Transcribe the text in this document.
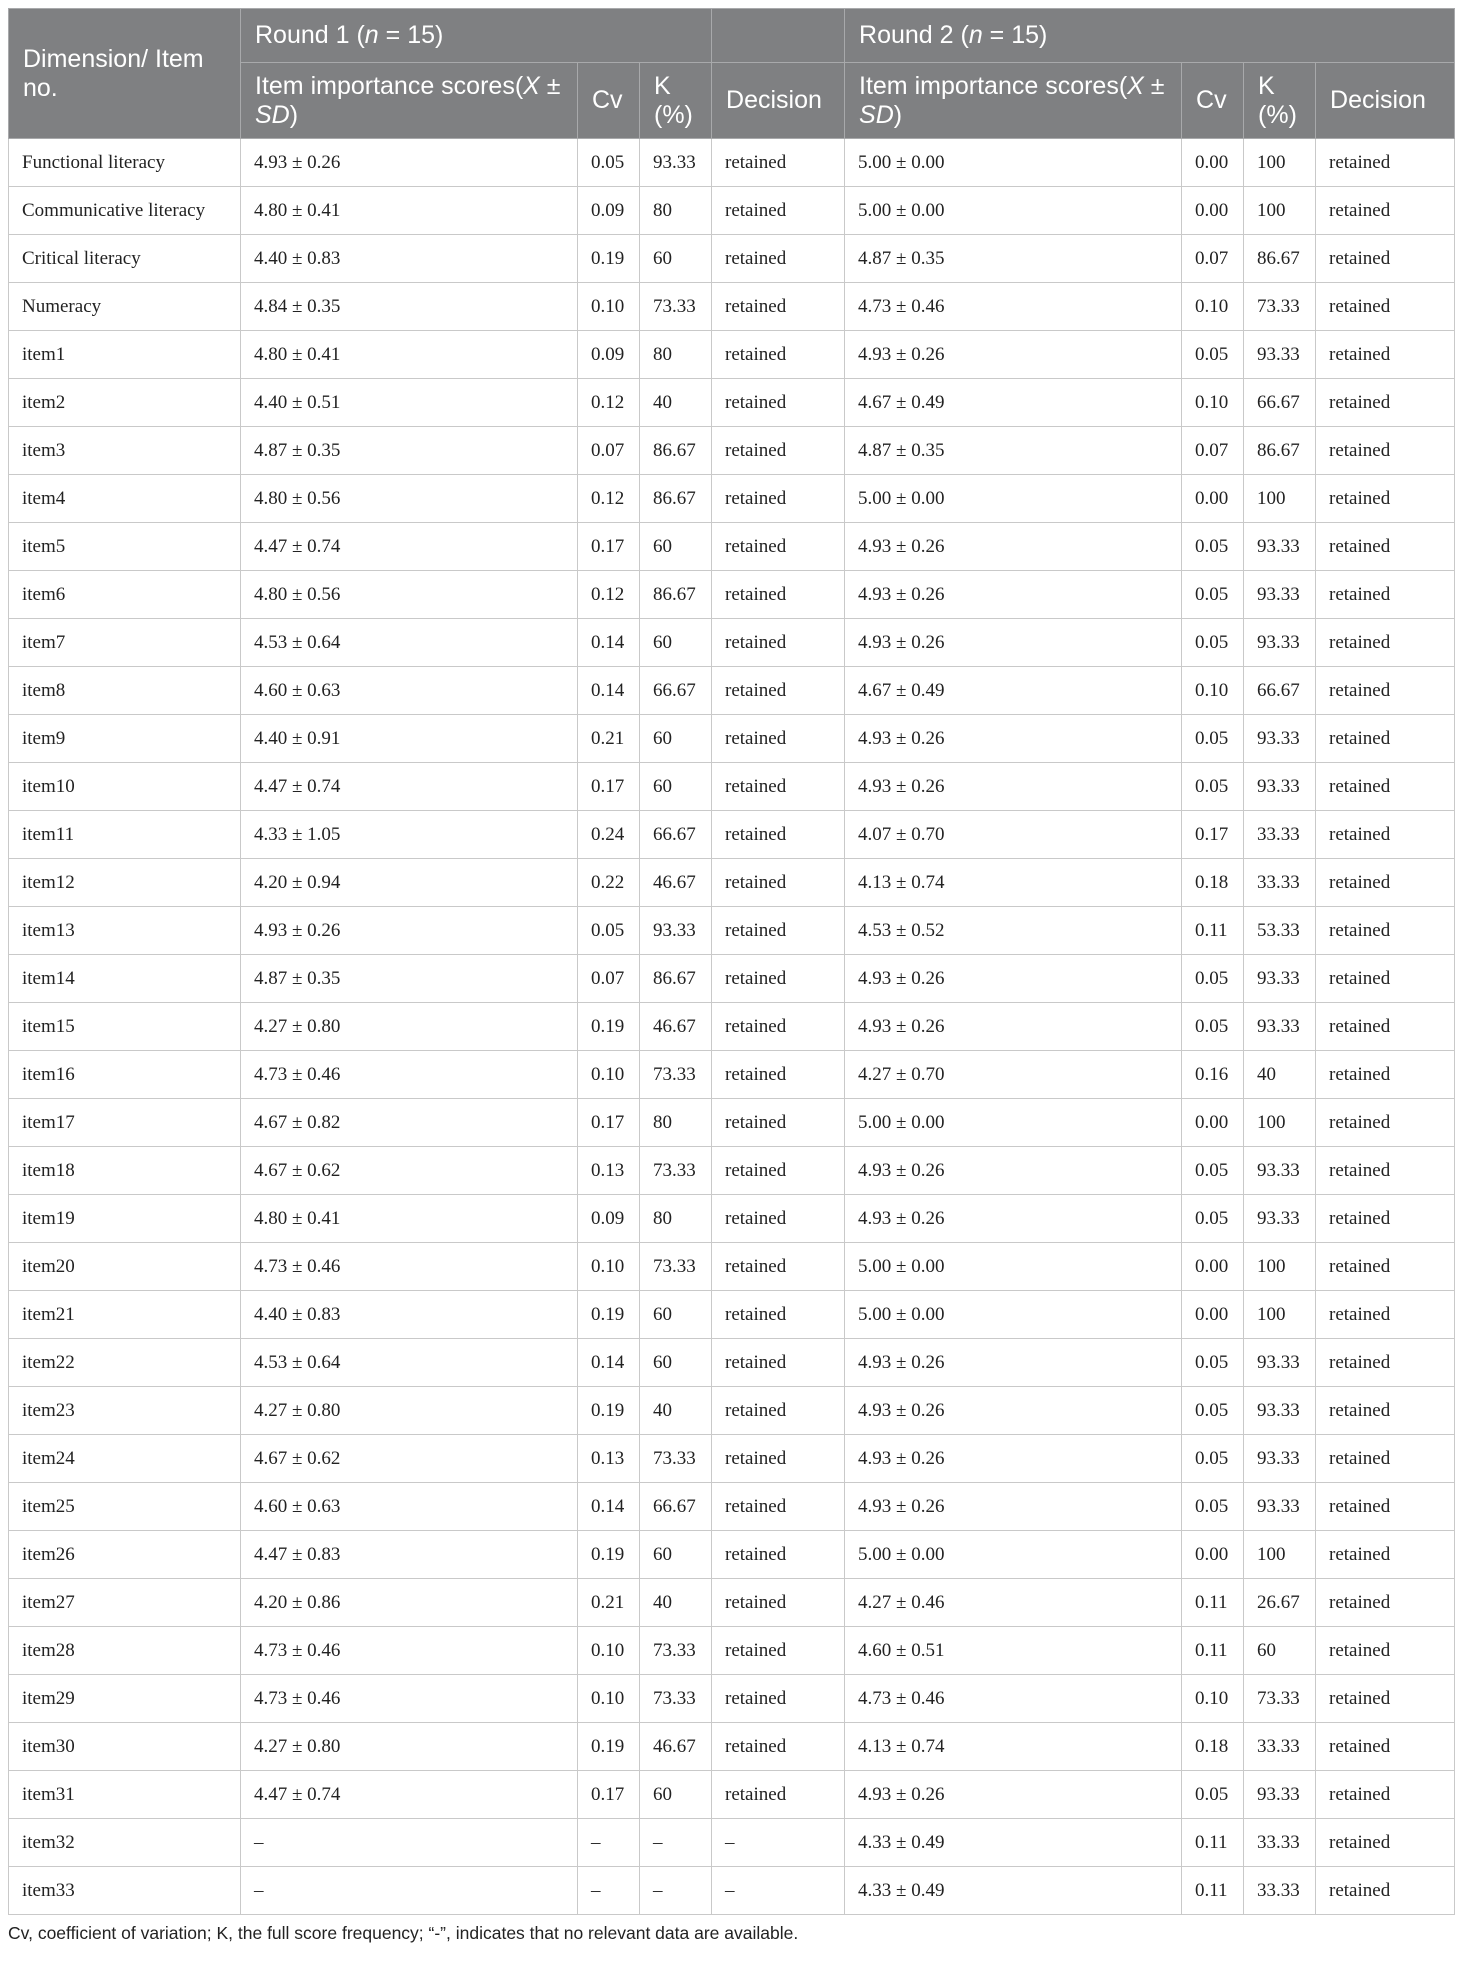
Dimension/ Item no.	Round 1 (n = 15)				Round 2 (n = 15)			
	Item importance scores(X ± SD)	Cv	K (%)	Decision	Item importance scores(X ± SD)	Cv	K (%)	Decision
Functional literacy	4.93 ± 0.26	0.05	93.33	retained	5.00 ± 0.00	0.00	100	retained
Communicative literacy	4.80 ± 0.41	0.09	80	retained	5.00 ± 0.00	0.00	100	retained
Critical literacy	4.40 ± 0.83	0.19	60	retained	4.87 ± 0.35	0.07	86.67	retained
Numeracy	4.84 ± 0.35	0.10	73.33	retained	4.73 ± 0.46	0.10	73.33	retained
item1	4.80 ± 0.41	0.09	80	retained	4.93 ± 0.26	0.05	93.33	retained
item2	4.40 ± 0.51	0.12	40	retained	4.67 ± 0.49	0.10	66.67	retained
item3	4.87 ± 0.35	0.07	86.67	retained	4.87 ± 0.35	0.07	86.67	retained
item4	4.80 ± 0.56	0.12	86.67	retained	5.00 ± 0.00	0.00	100	retained
item5	4.47 ± 0.74	0.17	60	retained	4.93 ± 0.26	0.05	93.33	retained
item6	4.80 ± 0.56	0.12	86.67	retained	4.93 ± 0.26	0.05	93.33	retained
item7	4.53 ± 0.64	0.14	60	retained	4.93 ± 0.26	0.05	93.33	retained
item8	4.60 ± 0.63	0.14	66.67	retained	4.67 ± 0.49	0.10	66.67	retained
item9	4.40 ± 0.91	0.21	60	retained	4.93 ± 0.26	0.05	93.33	retained
item10	4.47 ± 0.74	0.17	60	retained	4.93 ± 0.26	0.05	93.33	retained
item11	4.33 ± 1.05	0.24	66.67	retained	4.07 ± 0.70	0.17	33.33	retained
item12	4.20 ± 0.94	0.22	46.67	retained	4.13 ± 0.74	0.18	33.33	retained
item13	4.93 ± 0.26	0.05	93.33	retained	4.53 ± 0.52	0.11	53.33	retained
item14	4.87 ± 0.35	0.07	86.67	retained	4.93 ± 0.26	0.05	93.33	retained
item15	4.27 ± 0.80	0.19	46.67	retained	4.93 ± 0.26	0.05	93.33	retained
item16	4.73 ± 0.46	0.10	73.33	retained	4.27 ± 0.70	0.16	40	retained
item17	4.67 ± 0.82	0.17	80	retained	5.00 ± 0.00	0.00	100	retained
item18	4.67 ± 0.62	0.13	73.33	retained	4.93 ± 0.26	0.05	93.33	retained
item19	4.80 ± 0.41	0.09	80	retained	4.93 ± 0.26	0.05	93.33	retained
item20	4.73 ± 0.46	0.10	73.33	retained	5.00 ± 0.00	0.00	100	retained
item21	4.40 ± 0.83	0.19	60	retained	5.00 ± 0.00	0.00	100	retained
item22	4.53 ± 0.64	0.14	60	retained	4.93 ± 0.26	0.05	93.33	retained
item23	4.27 ± 0.80	0.19	40	retained	4.93 ± 0.26	0.05	93.33	retained
item24	4.67 ± 0.62	0.13	73.33	retained	4.93 ± 0.26	0.05	93.33	retained
item25	4.60 ± 0.63	0.14	66.67	retained	4.93 ± 0.26	0.05	93.33	retained
item26	4.47 ± 0.83	0.19	60	retained	5.00 ± 0.00	0.00	100	retained
item27	4.20 ± 0.86	0.21	40	retained	4.27 ± 0.46	0.11	26.67	retained
item28	4.73 ± 0.46	0.10	73.33	retained	4.60 ± 0.51	0.11	60	retained
item29	4.73 ± 0.46	0.10	73.33	retained	4.73 ± 0.46	0.10	73.33	retained
item30	4.27 ± 0.80	0.19	46.67	retained	4.13 ± 0.74	0.18	33.33	retained
item31	4.47 ± 0.74	0.17	60	retained	4.93 ± 0.26	0.05	93.33	retained
item32	–	–	–	–	4.33 ± 0.49	0.11	33.33	retained
item33	–	–	–	–	4.33 ± 0.49	0.11	33.33	retained
Cv, coefficient of variation; K, the full score frequency; “-”, indicates that no relevant data are available.
